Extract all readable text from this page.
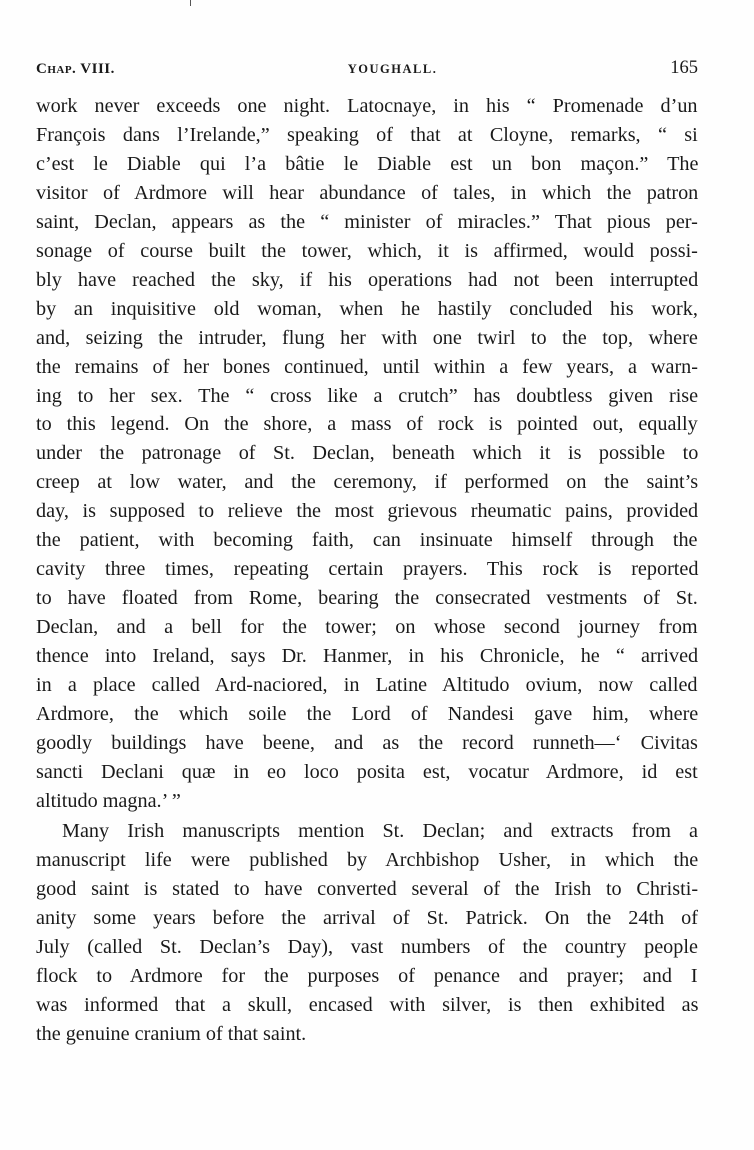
Chap. VIII.	YOUGHALL.	165

work never exceeds one night. Latocnaye, in his “ Promenade d’un
François dans l’Irelande,” speaking of that at Cloyne, remarks, “ si
c’est le Diable qui l’a bâtie le Diable est un bon maçon.” The
visitor of Ardmore will hear abundance of tales, in which the patron
saint, Declan, appears as the “ minister of miracles.” That pious per-
sonage of course built the tower, which, it is affirmed, would possi-
bly have reached the sky, if his operations had not been interrupted
by an inquisitive old woman, when he hastily concluded his work,
and, seizing the intruder, flung her with one twirl to the top, where
the remains of her bones continued, until within a few years, a warn-
ing to her sex. The “ cross like a crutch” has doubtless given rise
to this legend. On the shore, a mass of rock is pointed out, equally
under the patronage of St. Declan, beneath which it is possible to
creep at low water, and the ceremony, if performed on the saint’s
day, is supposed to relieve the most grievous rheumatic pains, provided
the patient, with becoming faith, can insinuate himself through the
cavity three times, repeating certain prayers. This rock is reported
to have floated from Rome, bearing the consecrated vestments of St.
Declan, and a bell for the tower; on whose second journey from
thence into Ireland, says Dr. Hanmer, in his Chronicle, he “ arrived
in a place called Ard-naciored, in Latine Altitudo ovium, now called
Ardmore, the which soile the Lord of Nandesi gave him, where
goodly buildings have beene, and as the record runneth—‘ Civitas
sancti Declani quæ in eo loco posita est, vocatur Ardmore, id est
altitudo magna.’ ”

Many Irish manuscripts mention St. Declan; and extracts from a
manuscript life were published by Archbishop Usher, in which the
good saint is stated to have converted several of the Irish to Christi-
anity some years before the arrival of St. Patrick. On the 24th of
July (called St. Declan’s Day), vast numbers of the country people
flock to Ardmore for the purposes of penance and prayer; and I
was informed that a skull, encased with silver, is then exhibited as
the genuine cranium of that saint.
